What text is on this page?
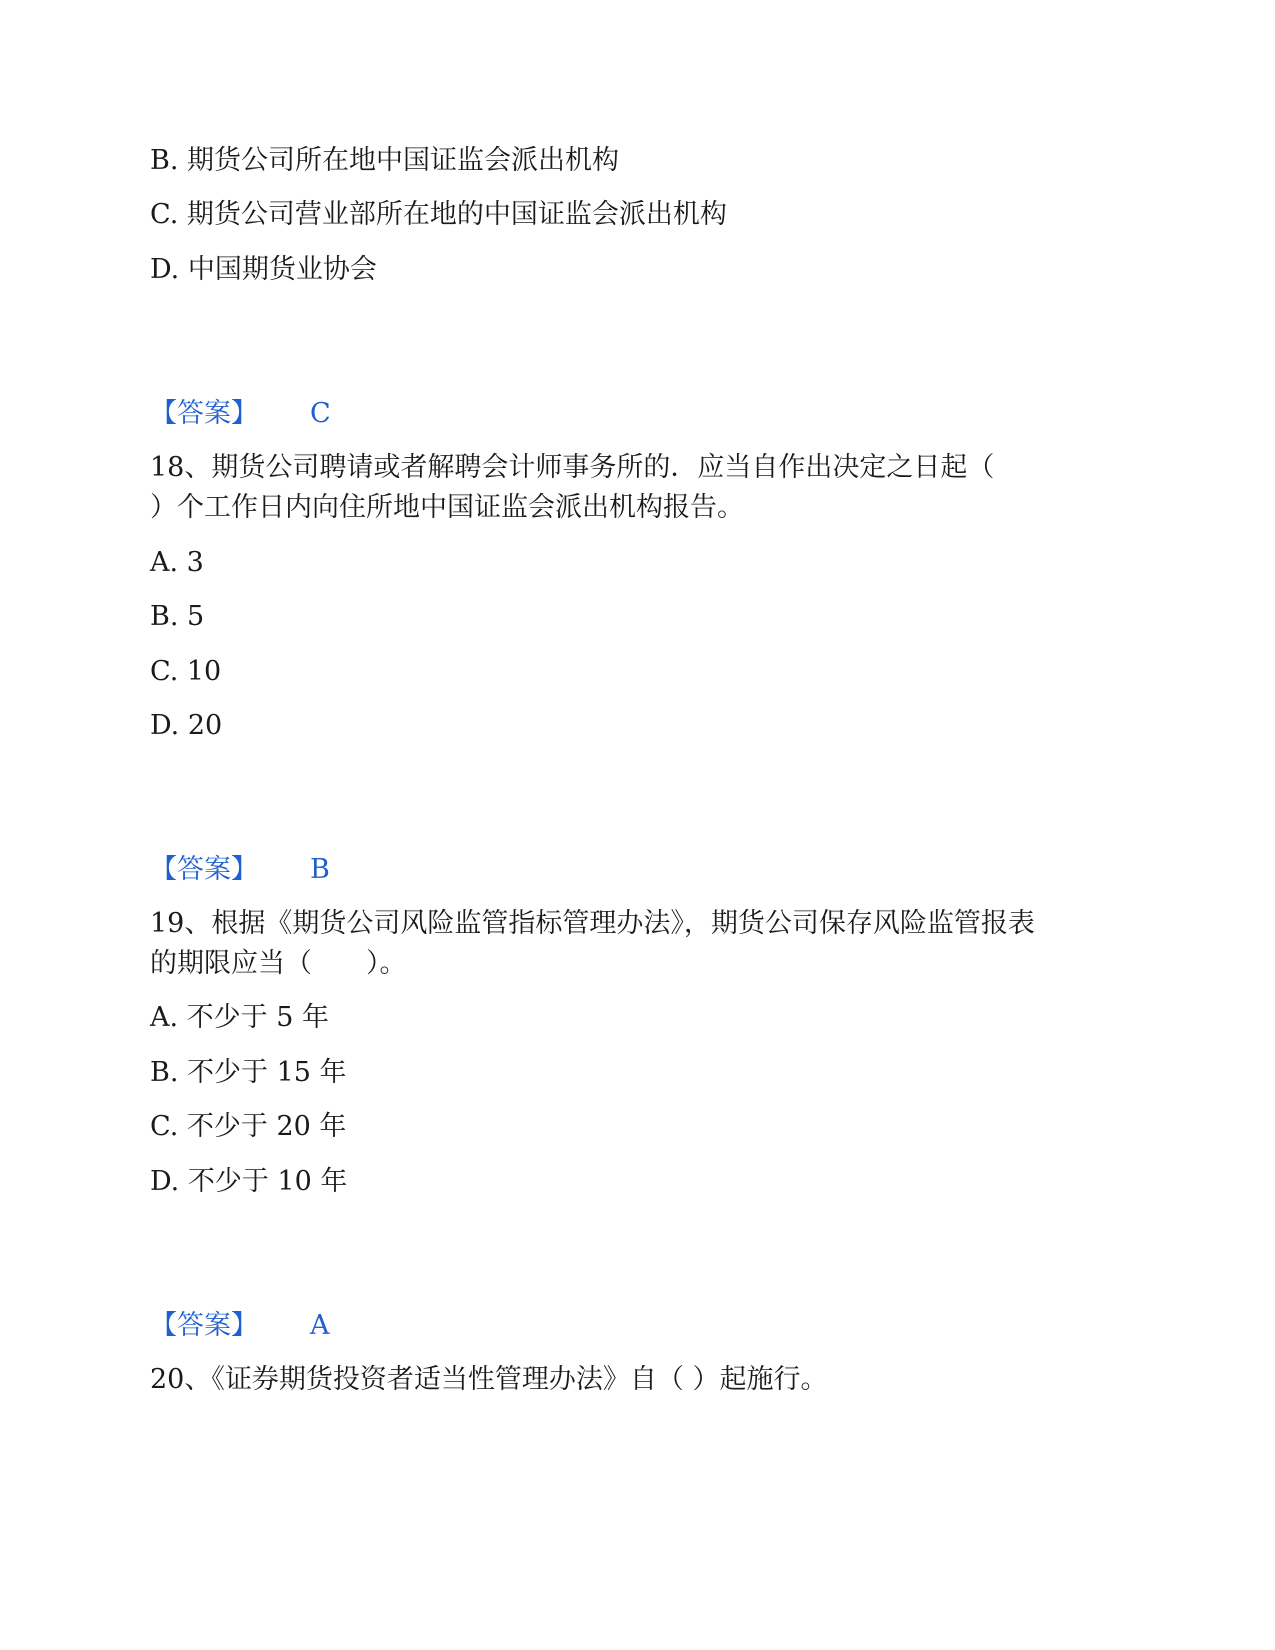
B. 期货公司所在地中国证监会派出机构
C. 期货公司营业部所在地的中国证监会派出机构
D. 中国期货业协会
【答案】 C
18、期货公司聘请或者解聘会计师事务所的．应当自作出决定之日起（
）个工作日内向住所地中国证监会派出机构报告。
A. 3
B. 5
C. 10
D. 20
【答案】 B
19、根据《期货公司风险监管指标管理办法》，期货公司保存风险监管报表
的期限应当（　　）。
A. 不少于 5 年
B. 不少于 15 年
C. 不少于 20 年
D. 不少于 10 年
【答案】 A
20、《证券期货投资者适当性管理办法》自（ ）起施行。
